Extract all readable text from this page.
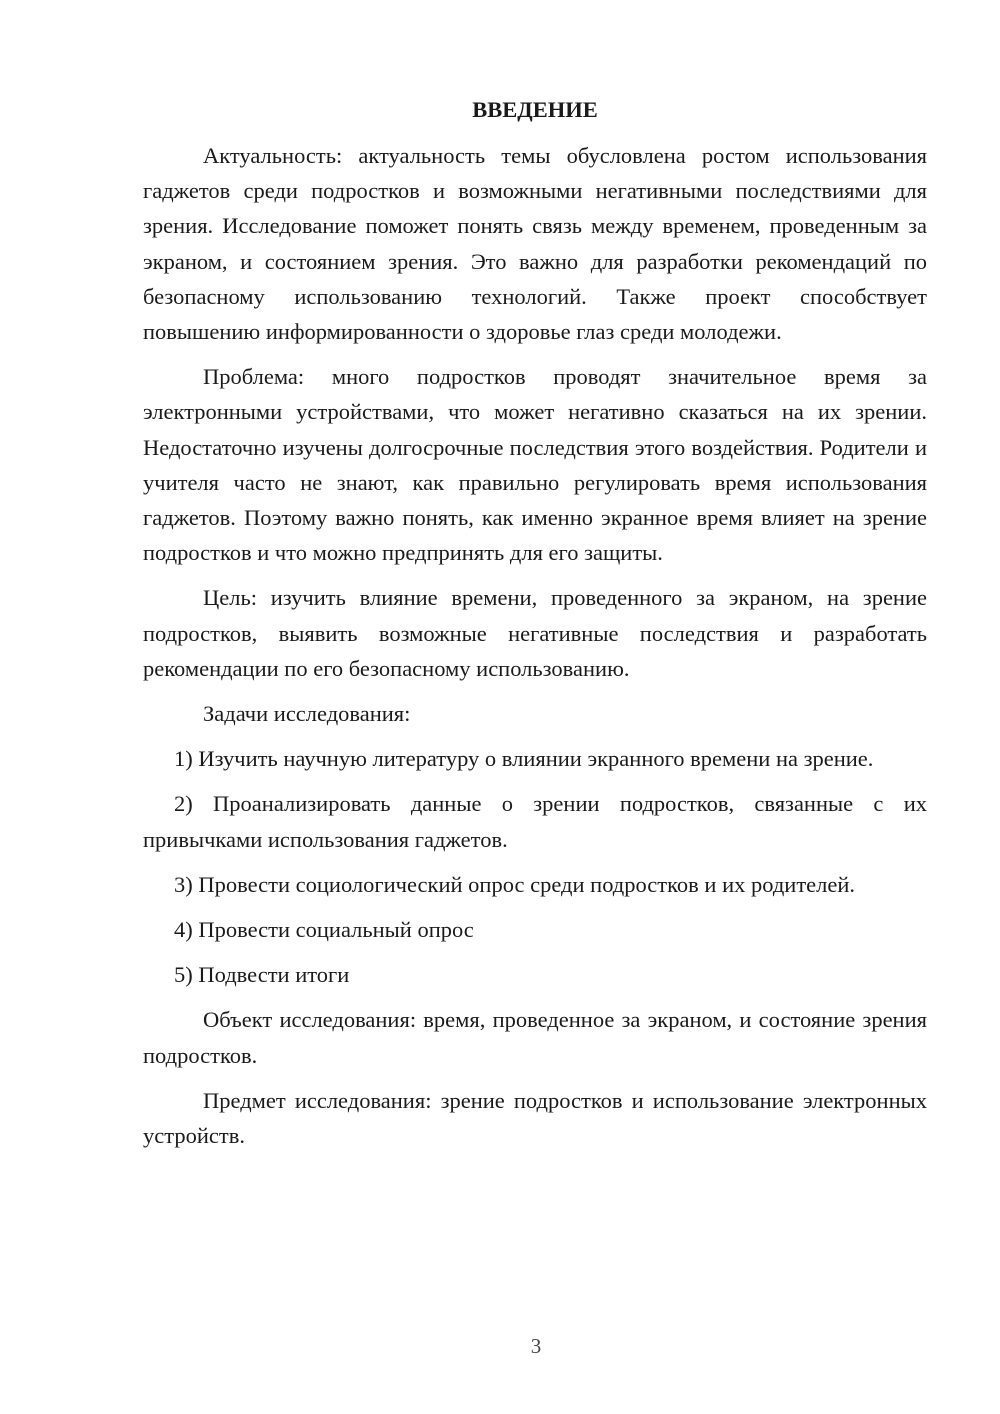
ВВЕДЕНИЕ

Актуальность: актуальность темы обусловлена ростом использования гаджетов среди подростков и возможными негативными последствиями для зрения. Исследование поможет понять связь между временем, проведенным за экраном, и состоянием зрения. Это важно для разработки рекомендаций по безопасному использованию технологий. Также проект способствует повышению информированности о здоровье глаз среди молодежи.

Проблема: много подростков проводят значительное время за электронными устройствами, что может негативно сказаться на их зрении. Недостаточно изучены долгосрочные последствия этого воздействия. Родители и учителя часто не знают, как правильно регулировать время использования гаджетов. Поэтому важно понять, как именно экранное время влияет на зрение подростков и что можно предпринять для его защиты.

Цель: изучить влияние времени, проведенного за экраном, на зрение подростков, выявить возможные негативные последствия и разработать рекомендации по его безопасному использованию.

Задачи исследования:

1) Изучить научную литературу о влиянии экранного времени на зрение.

2) Проанализировать данные о зрении подростков, связанные с их привычками использования гаджетов.

3) Провести социологический опрос среди подростков и их родителей.

4) Провести социальный опрос

5) Подвести итоги

Объект исследования: время, проведенное за экраном, и состояние зрения подростков.

Предмет исследования: зрение подростков и использование электронных устройств.

3
